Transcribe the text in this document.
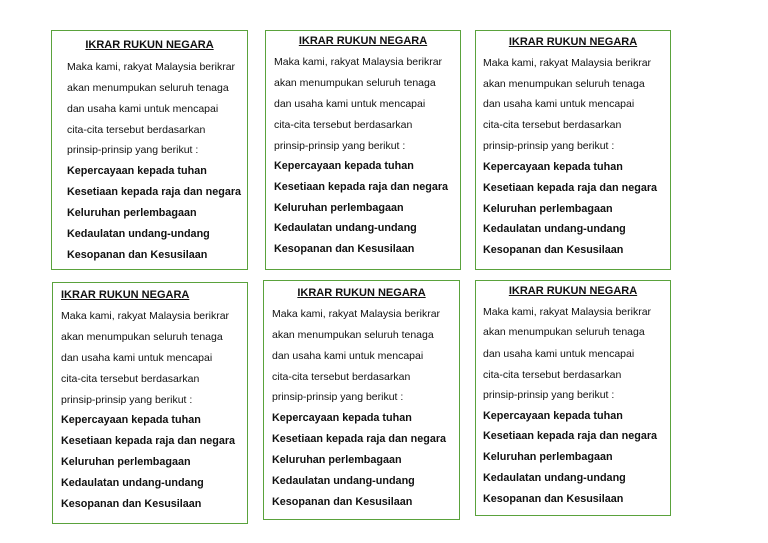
IKRAR RUKUN NEGARA
Maka kami, rakyat Malaysia berikrar
akan menumpukan seluruh tenaga
dan usaha kami untuk mencapai
cita-cita tersebut berdasarkan
prinsip-prinsip yang berikut :
Kepercayaan kepada tuhan
Kesetiaan kepada raja dan negara
Keluruhan perlembagaan
Kedaulatan undang-undang
Kesopanan dan Kesusilaan
IKRAR RUKUN NEGARA
Maka kami, rakyat Malaysia berikrar
akan menumpukan seluruh tenaga
dan usaha kami untuk mencapai
cita-cita tersebut berdasarkan
prinsip-prinsip yang berikut :
Kepercayaan kepada tuhan
Kesetiaan kepada raja dan negara
Keluruhan perlembagaan
Kedaulatan undang-undang
Kesopanan dan Kesusilaan
IKRAR RUKUN NEGARA
Maka kami, rakyat Malaysia berikrar
akan menumpukan seluruh tenaga
dan usaha kami untuk mencapai
cita-cita tersebut berdasarkan
prinsip-prinsip yang berikut :
Kepercayaan kepada tuhan
Kesetiaan kepada raja dan negara
Keluruhan perlembagaan
Kedaulatan undang-undang
Kesopanan dan Kesusilaan
IKRAR RUKUN NEGARA
Maka kami, rakyat Malaysia berikrar
akan menumpukan seluruh tenaga
dan usaha kami untuk mencapai
cita-cita tersebut berdasarkan
prinsip-prinsip yang berikut :
Kepercayaan kepada tuhan
Kesetiaan kepada raja dan negara
Keluruhan perlembagaan
Kedaulatan undang-undang
Kesopanan dan Kesusilaan
IKRAR RUKUN NEGARA
Maka kami, rakyat Malaysia berikrar
akan menumpukan seluruh tenaga
dan usaha kami untuk mencapai
cita-cita tersebut berdasarkan
prinsip-prinsip yang berikut :
Kepercayaan kepada tuhan
Kesetiaan kepada raja dan negara
Keluruhan perlembagaan
Kedaulatan undang-undang
Kesopanan dan Kesusilaan
IKRAR RUKUN NEGARA
Maka kami, rakyat Malaysia berikrar
akan menumpukan seluruh tenaga
dan usaha kami untuk mencapai
cita-cita tersebut berdasarkan
prinsip-prinsip yang berikut :
Kepercayaan kepada tuhan
Kesetiaan kepada raja dan negara
Keluruhan perlembagaan
Kedaulatan undang-undang
Kesopanan dan Kesusilaan
